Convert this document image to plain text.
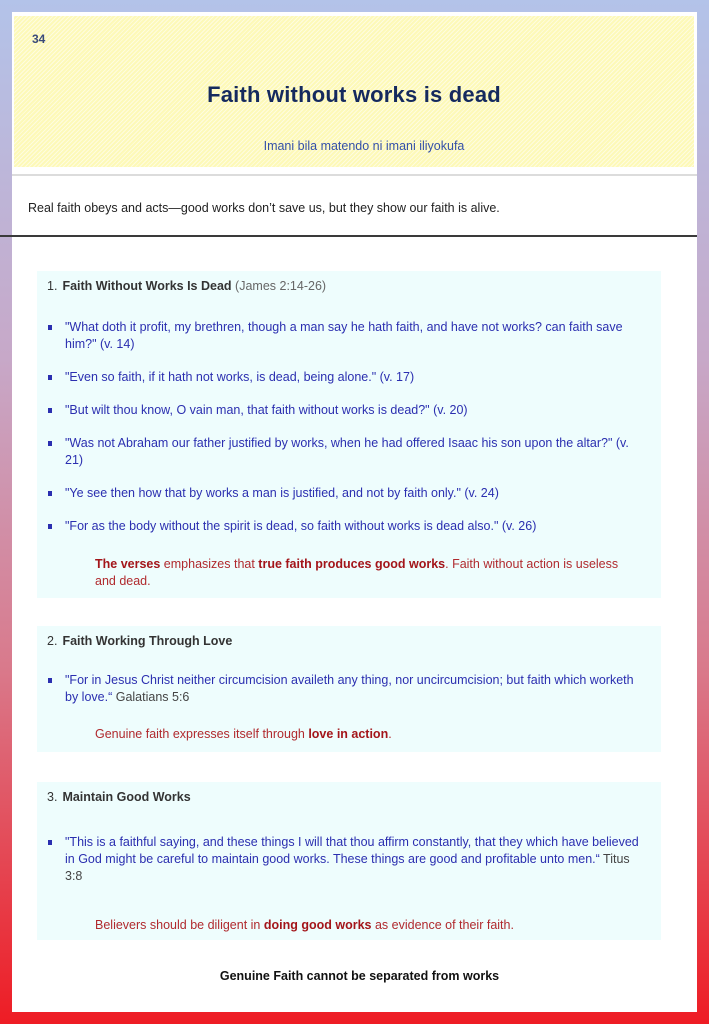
34
Faith without works is dead
Imani bila matendo ni imani iliyokufa

Real faith obeys and acts—good works don’t save us, but they show our faith is alive.

1. Faith Without Works Is Dead (James 2:14-26)
"What doth it profit, my brethren, though a man say he hath faith, and have not works? can faith save him?" (v. 14)
"Even so faith, if it hath not works, is dead, being alone." (v. 17)
"But wilt thou know, O vain man, that faith without works is dead?" (v. 20)
"Was not Abraham our father justified by works, when he had offered Isaac his son upon the altar?" (v. 21)
"Ye see then how that by works a man is justified, and not by faith only." (v. 24)
"For as the body without the spirit is dead, so faith without works is dead also." (v. 26)

The verses emphasizes that true faith produces good works. Faith without action is useless and dead.

2. Faith Working Through Love
"For in Jesus Christ neither circumcision availeth any thing, nor uncircumcision; but faith which worketh by love.“ Galatians 5:6

Genuine faith expresses itself through love in action.

3. Maintain Good Works
"This is a faithful saying, and these things I will that thou affirm constantly, that they which have believed in God might be careful to maintain good works. These things are good and profitable unto men.“ Titus 3:8

Believers should be diligent in doing good works as evidence of their faith.

Genuine Faith cannot be separated from works
